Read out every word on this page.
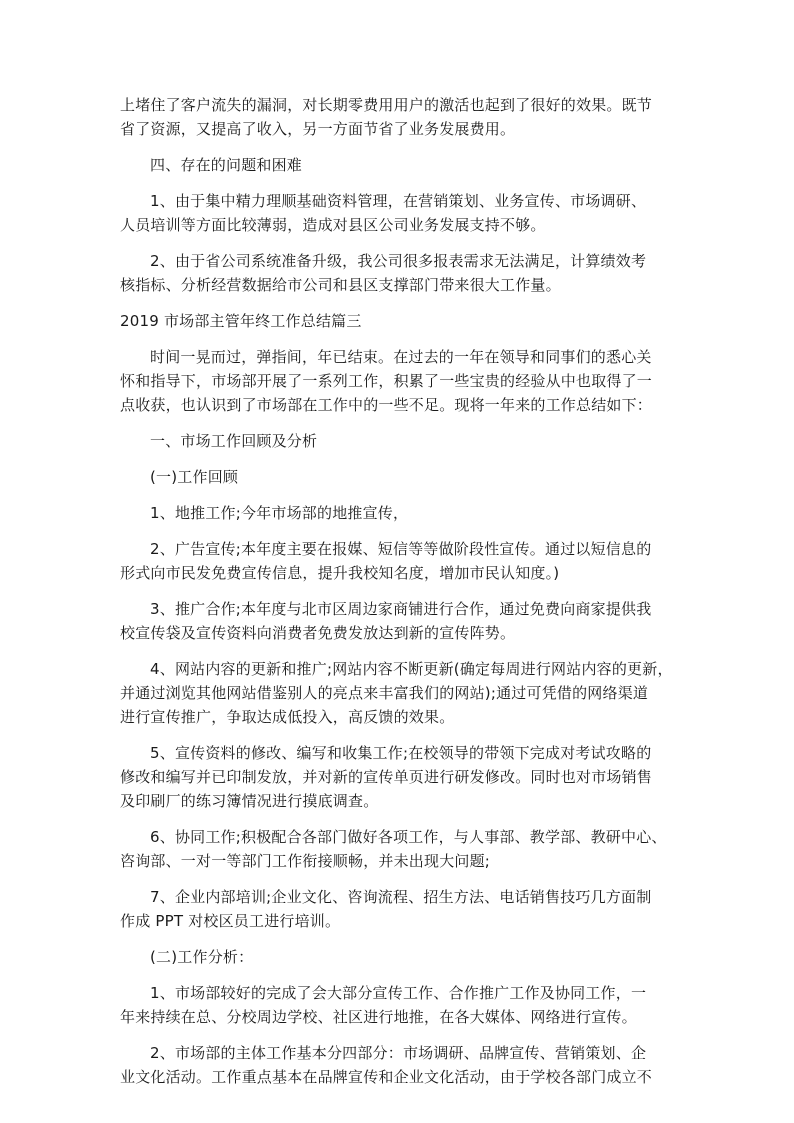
上堵住了客户流失的漏洞，对长期零费用用户的激活也起到了很好的效果。既节
省了资源，又提高了收入，另一方面节省了业务发展费用。
四、存在的问题和困难
1、由于集中精力理顺基础资料管理，在营销策划、业务宣传、市场调研、
人员培训等方面比较薄弱，造成对县区公司业务发展支持不够。
2、由于省公司系统准备升级，我公司很多报表需求无法满足，计算绩效考
核指标、分析经营数据给市公司和县区支撑部门带来很大工作量。
2019 市场部主管年终工作总结篇三
时间一晃而过，弹指间，年已结束。在过去的一年在领导和同事们的悉心关
怀和指导下，市场部开展了一系列工作，积累了一些宝贵的经验从中也取得了一
点收获，也认识到了市场部在工作中的一些不足。现将一年来的工作总结如下：
一、市场工作回顾及分析
(一)工作回顾
1、地推工作;今年市场部的地推宣传，
2、广告宣传;本年度主要在报媒、短信等等做阶段性宣传。通过以短信息的
形式向市民发免费宣传信息，提升我校知名度，增加市民认知度。)
3、推广合作;本年度与北市区周边家商铺进行合作，通过免费向商家提供我
校宣传袋及宣传资料向消费者免费发放达到新的宣传阵势。
4、网站内容的更新和推广;网站内容不断更新(确定每周进行网站内容的更新，
并通过浏览其他网站借鉴别人的亮点来丰富我们的网站);通过可凭借的网络渠道
进行宣传推广，争取达成低投入，高反馈的效果。
5、宣传资料的修改、编写和收集工作;在校领导的带领下完成对考试攻略的
修改和编写并已印制发放，并对新的宣传单页进行研发修改。同时也对市场销售
及印刷厂的练习簿情况进行摸底调查。
6、协同工作;积极配合各部门做好各项工作，与人事部、教学部、教研中心、
咨询部、一对一等部门工作衔接顺畅，并未出现大问题;
7、企业内部培训;企业文化、咨询流程、招生方法、电话销售技巧几方面制
作成 PPT 对校区员工进行培训。
(二)工作分析：
1、市场部较好的完成了会大部分宣传工作、合作推广工作及协同工作，一
年来持续在总、分校周边学校、社区进行地推，在各大媒体、网络进行宣传。
2、市场部的主体工作基本分四部分：市场调研、品牌宣传、营销策划、企
业文化活动。工作重点基本在品牌宣传和企业文化活动，由于学校各部门成立不
